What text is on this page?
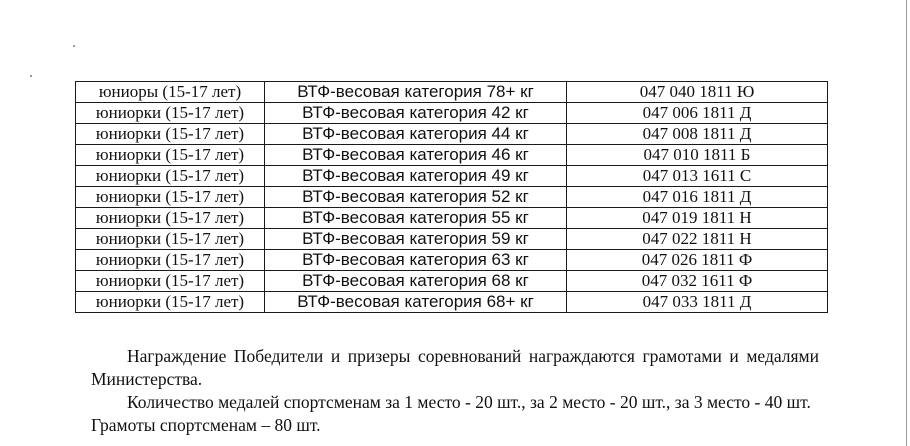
юниоры (15-17 лет)	ВТФ-весовая категория 78+ кг	047 040 1811 Ю
юниорки (15-17 лет)	ВТФ-весовая категория 42 кг	047 006 1811 Д
юниорки (15-17 лет)	ВТФ-весовая категория 44 кг	047 008 1811 Д
юниорки (15-17 лет)	ВТФ-весовая категория 46 кг	047 010 1811 Б
юниорки (15-17 лет)	ВТФ-весовая категория 49 кг	047 013 1611 С
юниорки (15-17 лет)	ВТФ-весовая категория 52 кг	047 016 1811 Д
юниорки (15-17 лет)	ВТФ-весовая категория 55 кг	047 019 1811 Н
юниорки (15-17 лет)	ВТФ-весовая категория 59 кг	047 022 1811 Н
юниорки (15-17 лет)	ВТФ-весовая категория 63 кг	047 026 1811 Ф
юниорки (15-17 лет)	ВТФ-весовая категория 68 кг	047 032 1611 Ф
юниорки (15-17 лет)	ВТФ-весовая категория 68+ кг	047 033 1811 Д

Награждение Победители и призеры соревнований награждаются грамотами и медалями Министерства.

Количество медалей спортсменам за 1 место - 20 шт., за 2 место - 20 шт., за 3 место - 40 шт. Грамоты спортсменам – 80 шт.
